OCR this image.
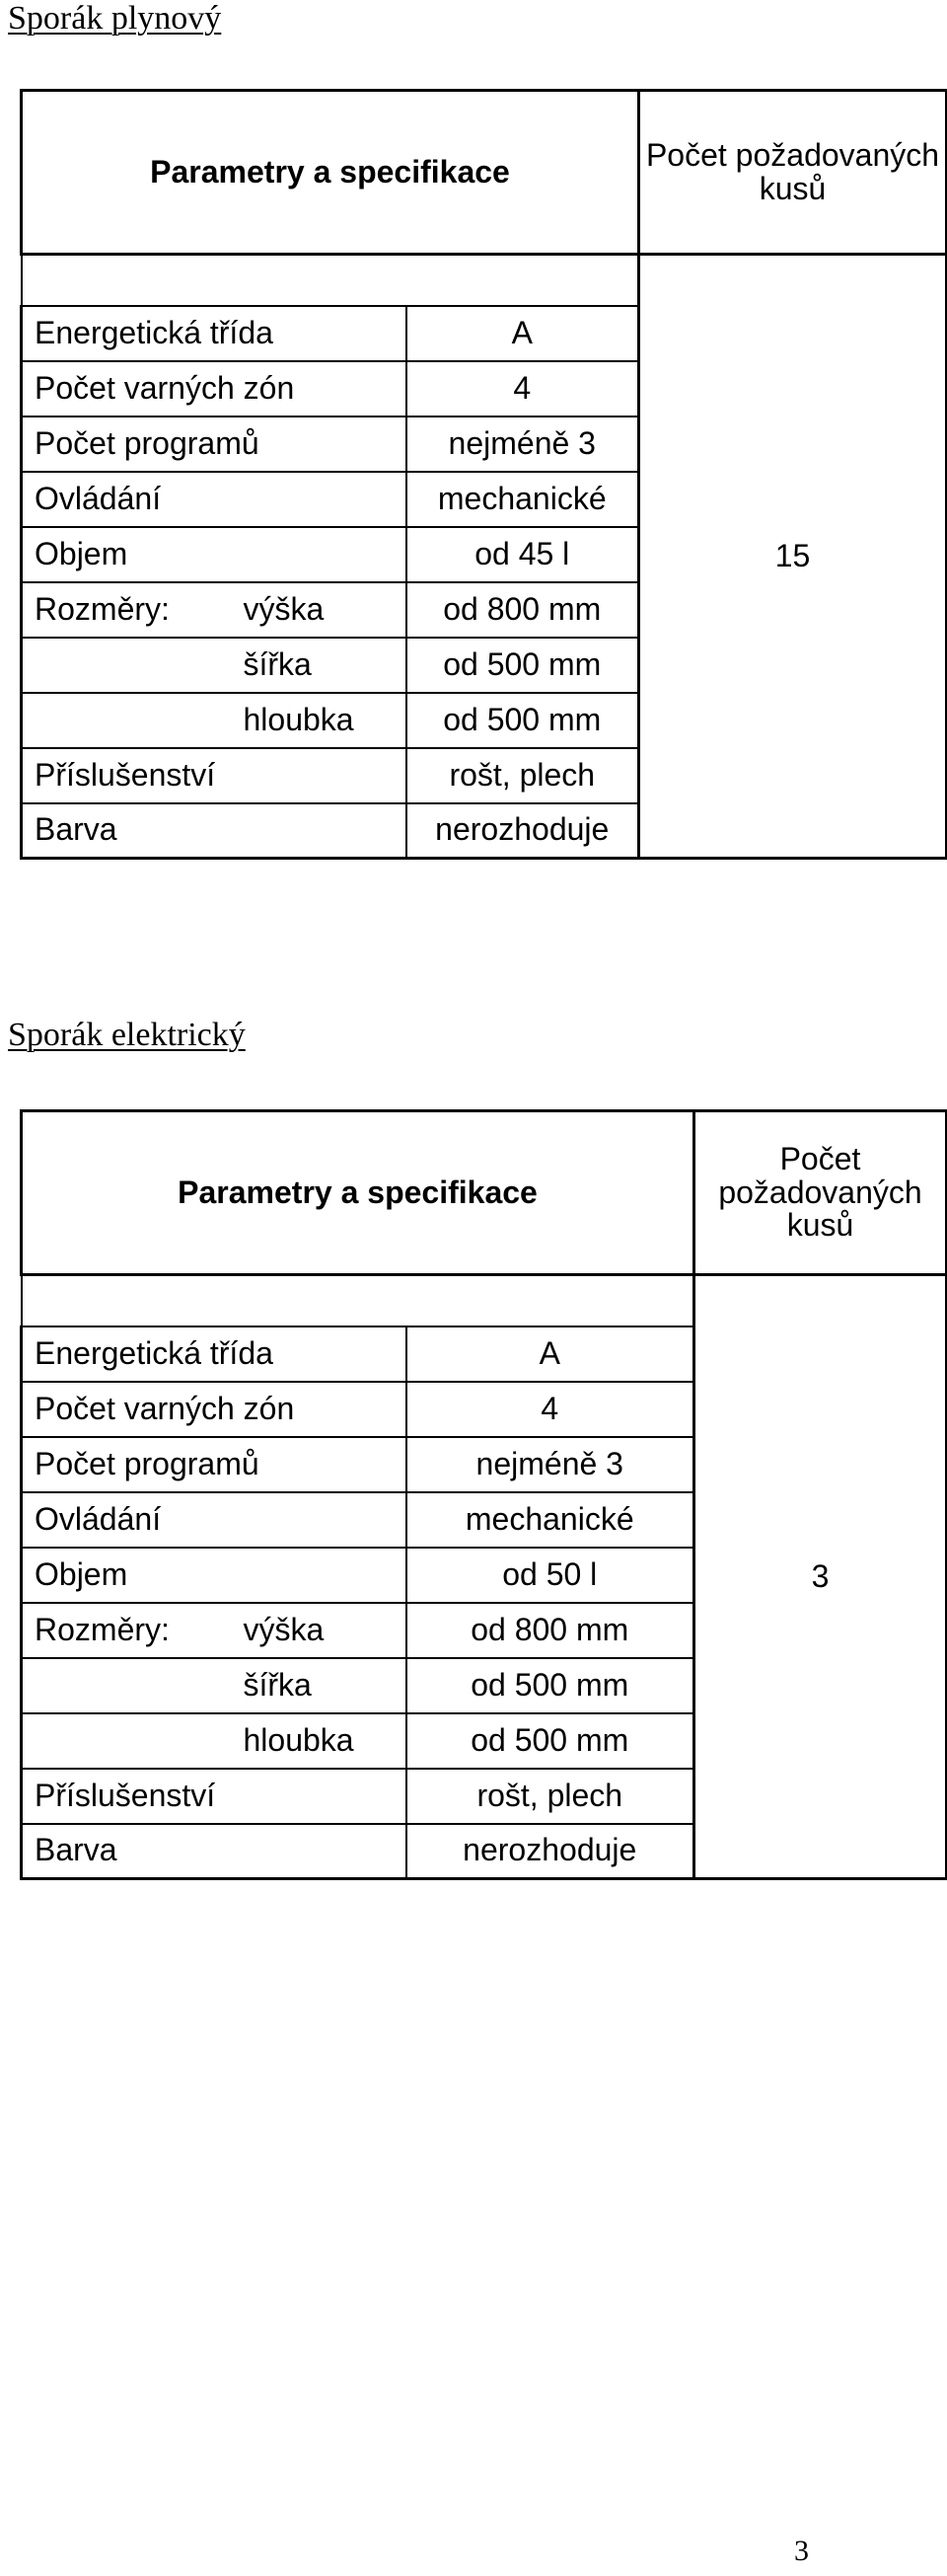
Sporák plynový
Parametry a specifikace			Počet požadovaných kusů
			15
Energetická třída		A	
Počet varných zón		4	
Počet programů		nejméně 3	
Ovládání		mechanické	
Objem		od 45 l	
Rozměry:	výška	od 800 mm	
	šířka	od 500 mm	
	hloubka	od 500 mm	
Příslušenství		rošt, plech	
Barva		nerozhoduje	
Sporák elektrický
Parametry a specifikace			Počet požadovaných kusů
			3
Energetická třída		A	
Počet varných zón		4	
Počet programů		nejméně 3	
Ovládání		mechanické	
Objem		od 50 l	
Rozměry:	výška	od 800 mm	
	šířka	od 500 mm	
	hloubka	od 500 mm	
Příslušenství		rošt, plech	
Barva		nerozhoduje	
3
